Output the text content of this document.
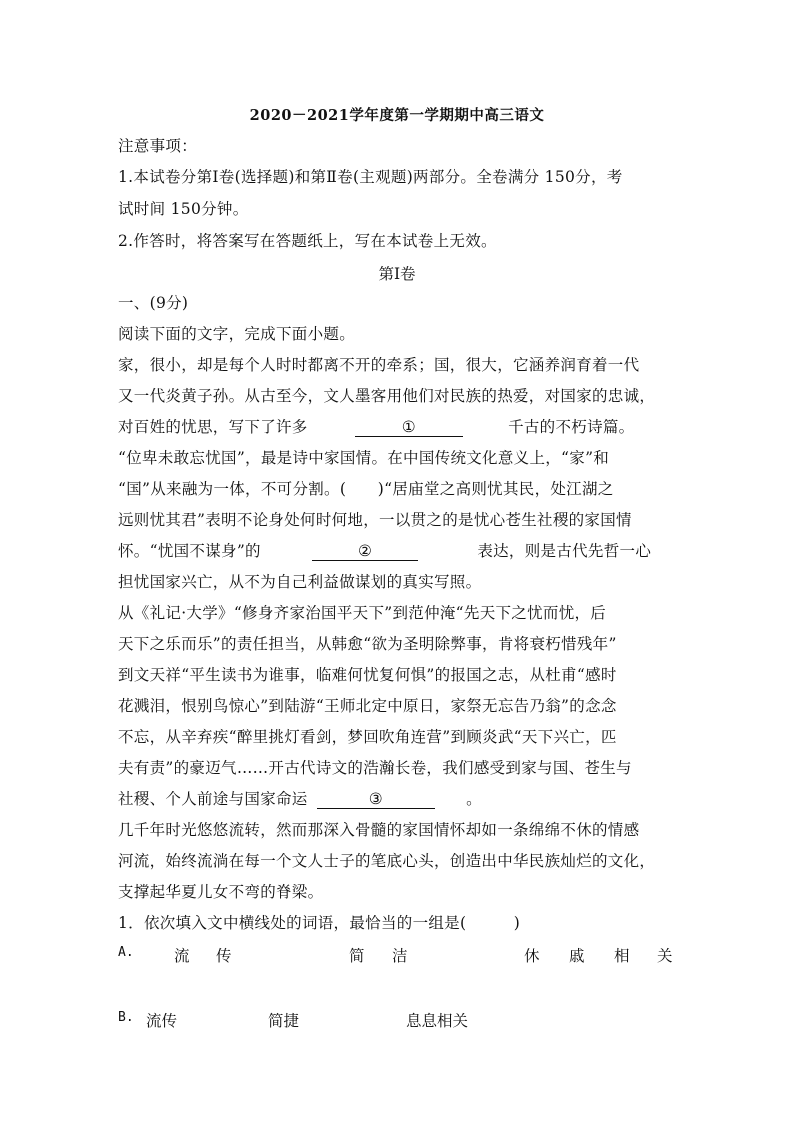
2020－2021学年度第一学期期中高三语文
注意事项：
1.本试卷分第Ⅰ卷(选择题)和第Ⅱ卷(主观题)两部分。全卷满分 150分，考
试时间 150分钟。
2.作答时，将答案写在答题纸上，写在本试卷上无效。
第Ⅰ卷
一、(9分)
阅读下面的文字，完成下面小题。
家，很小，却是每个人时时都离不开的牵系；国，很大，它涵养润育着一代
又一代炎黄子孙。从古至今，文人墨客用他们对民族的热爱，对国家的忠诚，
对百姓的忧思，写下了许多	①	千古的不朽诗篇。
“位卑未敢忘忧国”，最是诗中家国情。在中国传统文化意义上，“家”和
“国”从来融为一体，不可分割。(　　)“居庙堂之高则忧其民，处江湖之
远则忧其君”表明不论身处何时何地，一以贯之的是忧心苍生社稷的家国情
怀。“忧国不谋身”的	②	表达，则是古代先哲一心
担忧国家兴亡，从不为自己利益做谋划的真实写照。
从《礼记·大学》“修身齐家治国平天下”到范仲淹“先天下之忧而忧，后
天下之乐而乐”的责任担当，从韩愈“欲为圣明除弊事，肯将衰朽惜残年”
到文天祥“平生读书为谁事，临难何忧复何惧”的报国之志，从杜甫“感时
花溅泪，恨别鸟惊心”到陆游“王师北定中原日，家祭无忘告乃翁”的念念
不忘，从辛弃疾“醉里挑灯看剑，梦回吹角连营”到顾炎武“天下兴亡，匹
夫有责”的豪迈气……开古代诗文的浩瀚长卷，我们感受到家与国、苍生与
社稷、个人前途与国家命运	③	。
几千年时光悠悠流转，然而那深入骨髓的家国情怀却如一条绵绵不休的情感
河流，始终流淌在每一个文人士子的笔底心头，创造出中华民族灿烂的文化，
支撑起华夏儿女不弯的脊梁。
1．依次填入文中横线处的词语，最恰当的一组是(　　　)
A.	流 传	简 洁	休 戚 相 关
B. 流传	简捷	息息相关
